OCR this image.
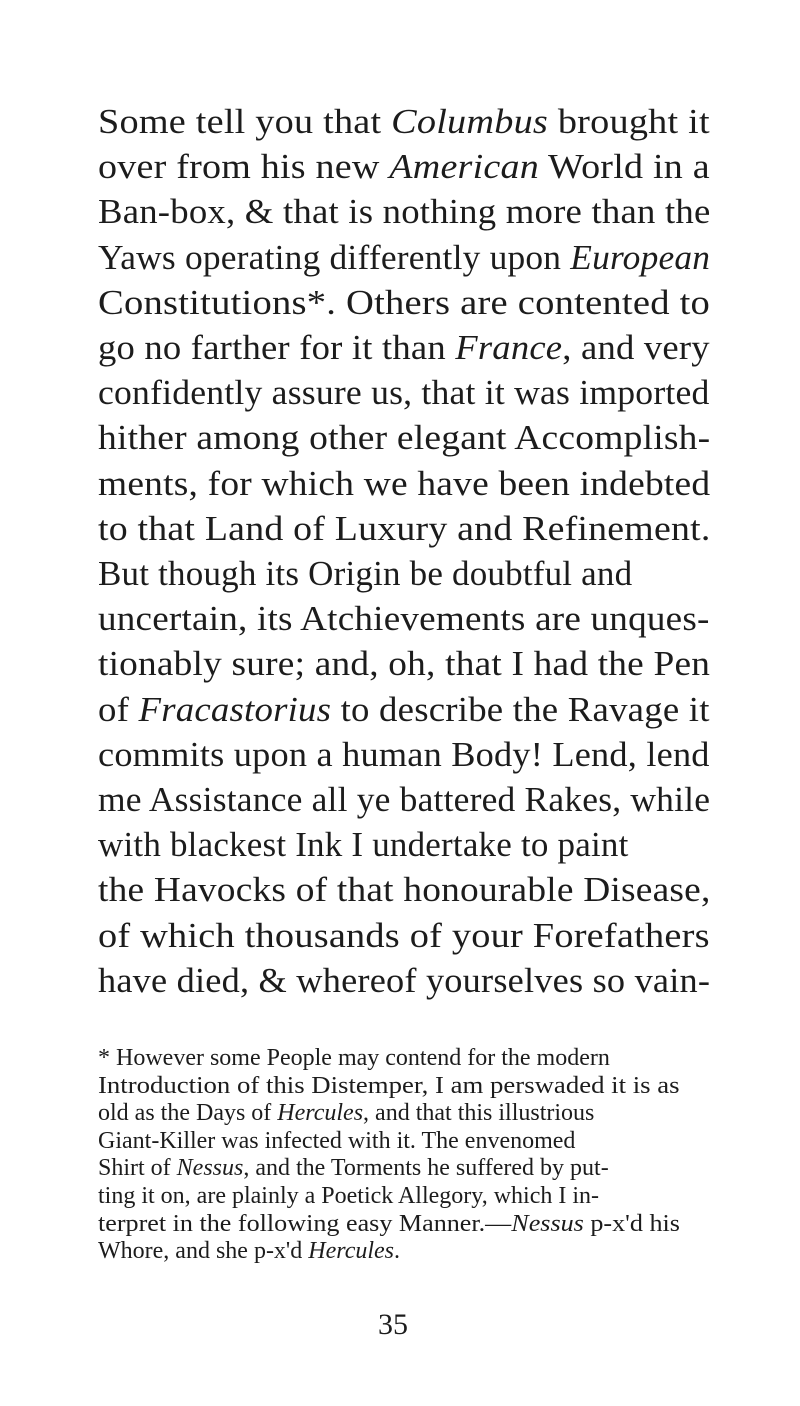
Some tell you that Columbus brought it
over from his new American World in a
Ban-box, & that is nothing more than the
Yaws operating differently upon European
Constitutions*. Others are contented to
go no farther for it than France, and very
confidently assure us, that it was imported
hither among other elegant Accomplish-
ments, for which we have been indebted
to that Land of Luxury and Refinement.
But though its Origin be doubtful and
uncertain, its Atchievements are unques-
tionably sure; and, oh, that I had the Pen
of Fracastorius to describe the Ravage it
commits upon a human Body! Lend, lend
me Assistance all ye battered Rakes, while
with blackest Ink I undertake to paint
the Havocks of that honourable Disease,
of which thousands of your Forefathers
have died, & whereof yourselves so vain-
* However some People may contend for the modern
Introduction of this Distemper, I am perswaded it is as
old as the Days of Hercules, and that this illustrious
Giant-Killer was infected with it. The envenomed
Shirt of Nessus, and the Torments he suffered by put-
ting it on, are plainly a Poetick Allegory, which I in-
terpret in the following easy Manner.—Nessus p-x'd his
Whore, and she p-x'd Hercules.
35
